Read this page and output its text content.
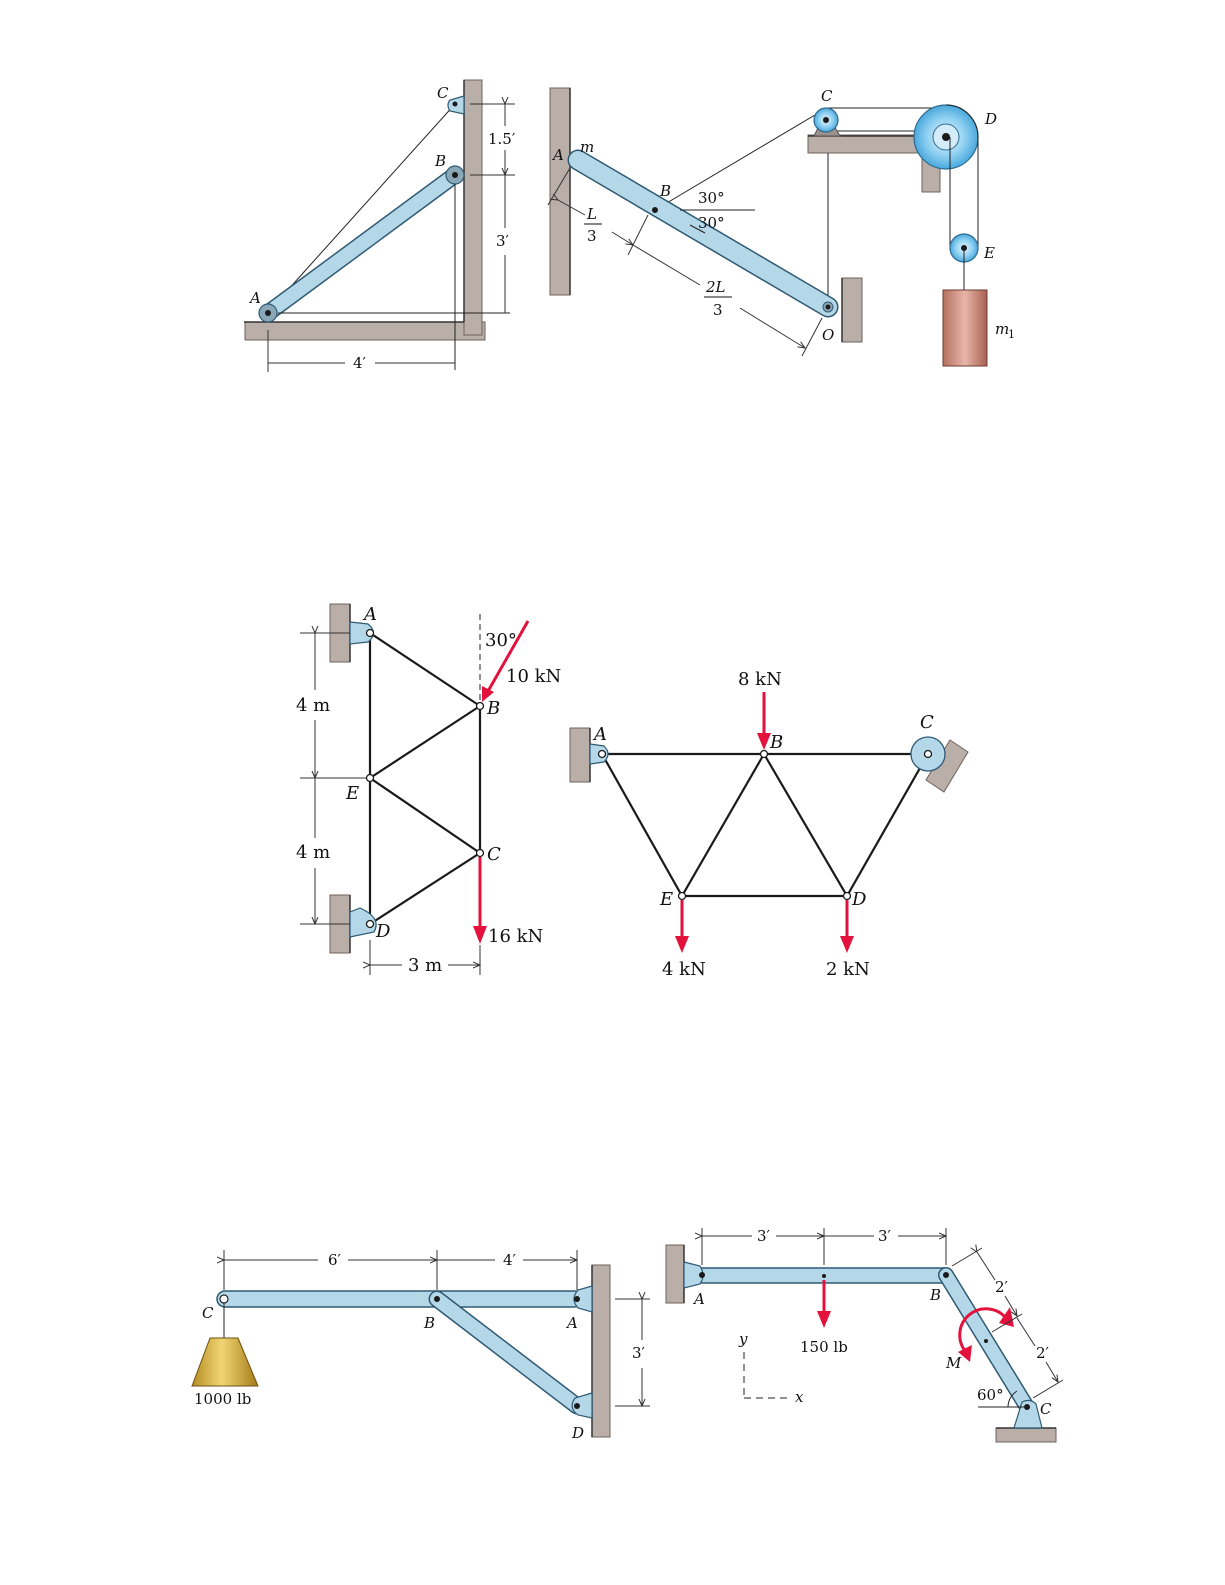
C
B
A
1.5′
3′
4′
A m
B 30°
30°
O
L
3
2L
3
C
D
E
m
1
A
B
E
C
D
30°
10 kN
16 kN
4 m
4 m
3 m
A	B
C
E	D
8 kN
4 kN	2 kN
C
B	A
D
1000 lb
6′	4′
3′
A	B
C
150 lb
M
60°
y
x
3′	3′
2′
2′
